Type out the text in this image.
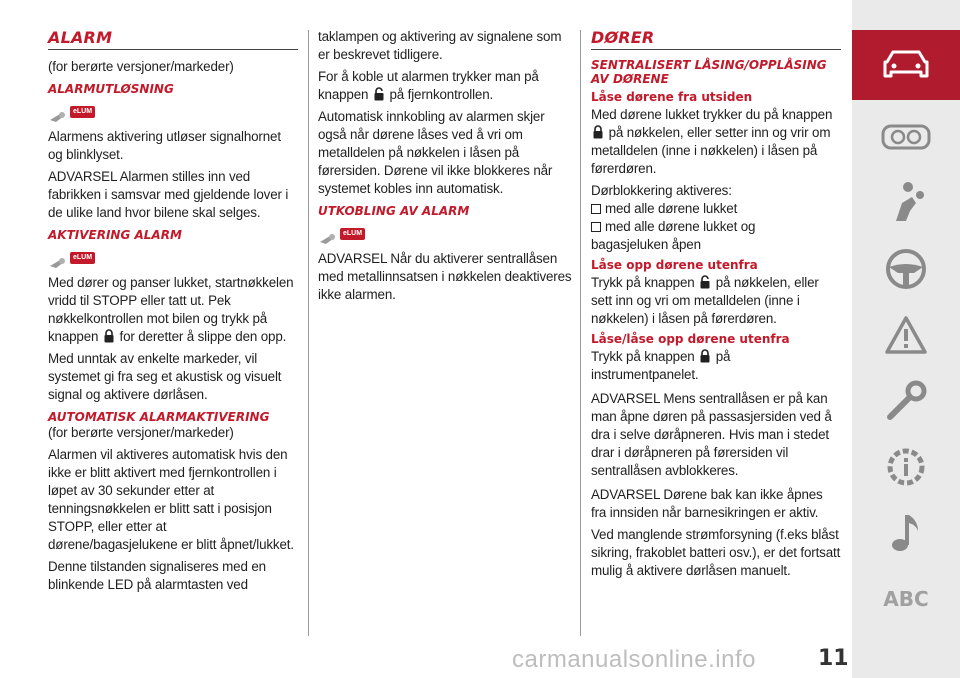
ALARM

(for berørte versjoner/markeder)

ALARMUTLØSNING
eLUM

Alarmens aktivering utløser signalhornet og blinklyset.

ADVARSEL Alarmen stilles inn ved fabrikken i samsvar med gjeldende lover i de ulike land hvor bilene skal selges.

AKTIVERING ALARM
eLUM

Med dører og panser lukket, startnøkkelen vridd til STOPP eller tatt ut. Pek nøkkelkontrollen mot bilen og trykk på knappen for deretter å slippe den opp.

Med unntak av enkelte markeder, vil systemet gi fra seg et akustisk og visuelt signal og aktivere dørlåsen.

AUTOMATISK ALARMAKTIVERING

(for berørte versjoner/markeder)

Alarmen vil aktiveres automatisk hvis den ikke er blitt aktivert med fjernkontrollen i løpet av 30 sekunder etter at tenningsnøkkelen er blitt satt i posisjon STOPP, eller etter at dørene/bagasjelukene er blitt åpnet/lukket.

Denne tilstanden signaliseres med en blinkende LED på alarmtasten ved

taklampen og aktivering av signalene som er beskrevet tidligere.

For å koble ut alarmen trykker man på knappen på fjernkontrollen.

Automatisk innkobling av alarmen skjer også når dørene låses ved å vri om metalldelen på nøkkelen i låsen på førersiden. Dørene vil ikke blokkeres når systemet kobles inn automatisk.

UTKOBLING AV ALARM
eLUM

ADVARSEL Når du aktiverer sentrallåsen med metallinnsatsen i nøkkelen deaktiveres ikke alarmen.

DØRER
SENTRALISERT LÅSING/OPPLÅSING AV DØRENE
Låse dørene fra utsiden

Med dørene lukket trykker du på knappen  på nøkkelen, eller setter inn og vrir om metalldelen (inne i nøkkelen) i låsen på førerdøren.

Dørblokkering aktiveres:

med alle dørene lukket

med alle dørene lukket og

bagasjeluken åpen

Låse opp dørene utenfra

Trykk på knappen på nøkkelen, eller sett inn og vri om metalldelen (inne i nøkkelen) i låsen på førerdøren.

Låse/låse opp dørene utenfra

Trykk på knappen på instrumentpanelet.

ADVARSEL Mens sentrallåsen er på kan man åpne døren på passasjersiden ved å dra i selve døråpneren. Hvis man i stedet drar i døråpneren på førersiden vil sentrallåsen avblokkeres.

ADVARSEL Dørene bak kan ikke åpnes fra innsiden når barnesikringen er aktiv.

Ved manglende strømforsyning (f.eks blåst sikring, frakoblet batteri osv.), er det fortsatt mulig å aktivere dørlåsen manuelt.

ABC
carmanualsonline.info	11
